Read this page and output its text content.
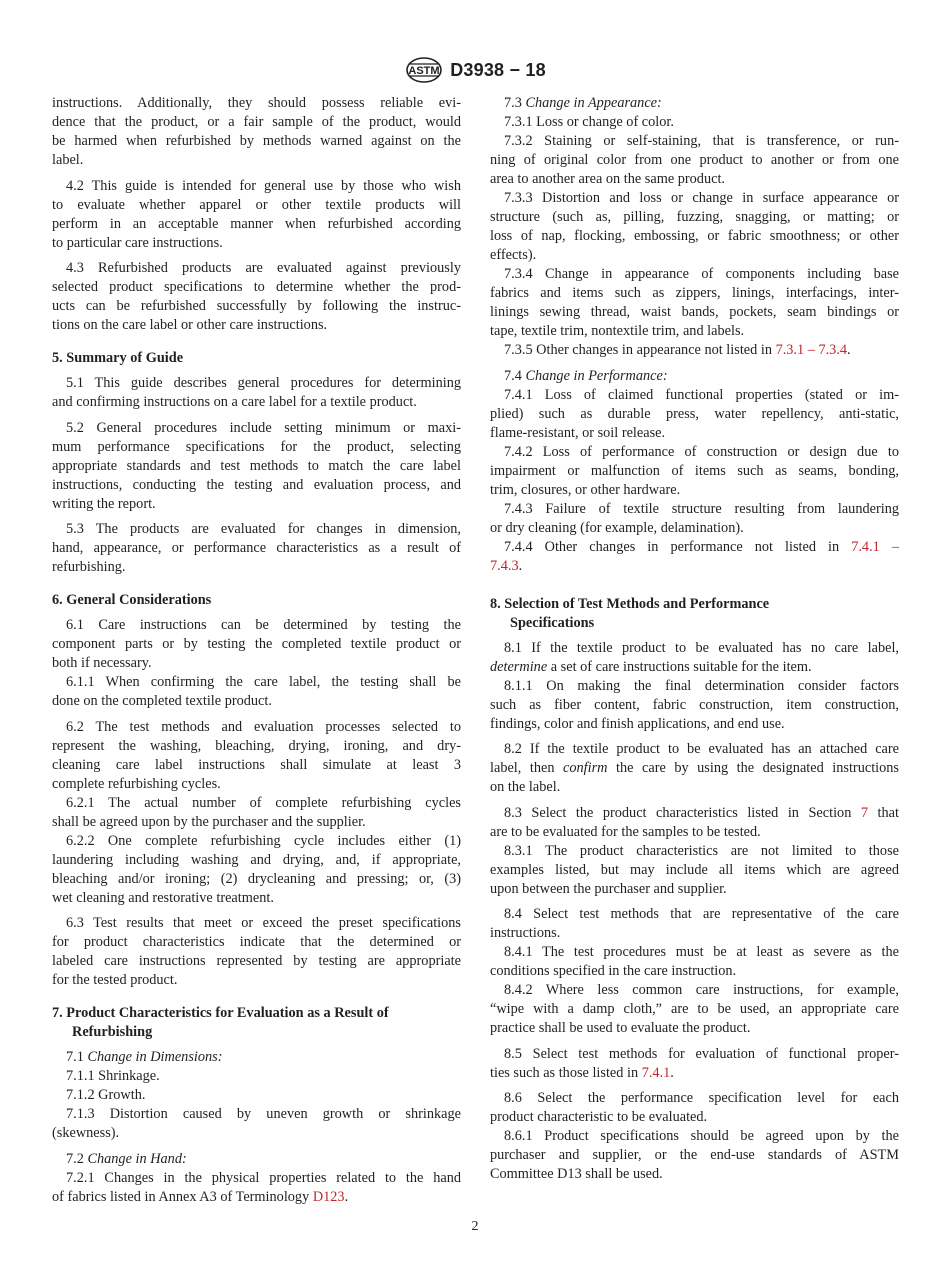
ASTM D3938 − 18
instructions. Additionally, they should possess reliable evi-
dence that the product, or a fair sample of the product, would
be harmed when refurbished by methods warned against on the
label.
4.2 This guide is intended for general use by those who wish
to evaluate whether apparel or other textile products will
perform in an acceptable manner when refurbished according
to particular care instructions.
4.3 Refurbished products are evaluated against previously
selected product specifications to determine whether the prod-
ucts can be refurbished successfully by following the instruc-
tions on the care label or other care instructions.
5. Summary of Guide
5.1 This guide describes general procedures for determining
and confirming instructions on a care label for a textile product.
5.2 General procedures include setting minimum or maxi-
mum performance specifications for the product, selecting
appropriate standards and test methods to match the care label
instructions, conducting the testing and evaluation process, and
writing the report.
5.3 The products are evaluated for changes in dimension,
hand, appearance, or performance characteristics as a result of
refurbishing.
6. General Considerations
6.1 Care instructions can be determined by testing the
component parts or by testing the completed textile product or
both if necessary.
6.1.1 When confirming the care label, the testing shall be
done on the completed textile product.
6.2 The test methods and evaluation processes selected to
represent the washing, bleaching, drying, ironing, and dry-
cleaning care label instructions shall simulate at least 3
complete refurbishing cycles.
6.2.1 The actual number of complete refurbishing cycles
shall be agreed upon by the purchaser and the supplier.
6.2.2 One complete refurbishing cycle includes either (1)
laundering including washing and drying, and, if appropriate,
bleaching and/or ironing; (2) drycleaning and pressing; or, (3)
wet cleaning and restorative treatment.
6.3 Test results that meet or exceed the preset specifications
for product characteristics indicate that the determined or
labeled care instructions represented by testing are appropriate
for the tested product.
7. Product Characteristics for Evaluation as a Result of
Refurbishing
7.1 Change in Dimensions:
7.1.1 Shrinkage.
7.1.2 Growth.
7.1.3 Distortion caused by uneven growth or shrinkage
(skewness).
7.2 Change in Hand:
7.2.1 Changes in the physical properties related to the hand
of fabrics listed in Annex A3 of Terminology D123.
7.3 Change in Appearance:
7.3.1 Loss or change of color.
7.3.2 Staining or self-staining, that is transference, or run-
ning of original color from one product to another or from one
area to another area on the same product.
7.3.3 Distortion and loss or change in surface appearance or
structure (such as, pilling, fuzzing, snagging, or matting; or
loss of nap, flocking, embossing, or fabric smoothness; or other
effects).
7.3.4 Change in appearance of components including base
fabrics and items such as zippers, linings, interfacings, inter-
linings sewing thread, waist bands, pockets, seam bindings or
tape, textile trim, nontextile trim, and labels.
7.3.5 Other changes in appearance not listed in 7.3.1 – 7.3.4.
7.4 Change in Performance:
7.4.1 Loss of claimed functional properties (stated or im-
plied) such as durable press, water repellency, anti-static,
flame-resistant, or soil release.
7.4.2 Loss of performance of construction or design due to
impairment or malfunction of items such as seams, bonding,
trim, closures, or other hardware.
7.4.3 Failure of textile structure resulting from laundering
or dry cleaning (for example, delamination).
7.4.4 Other changes in performance not listed in 7.4.1 –
7.4.3.
8. Selection of Test Methods and Performance
Specifications
8.1 If the textile product to be evaluated has no care label,
determine a set of care instructions suitable for the item.
8.1.1 On making the final determination consider factors
such as fiber content, fabric construction, item construction,
findings, color and finish applications, and end use.
8.2 If the textile product to be evaluated has an attached care
label, then confirm the care by using the designated instructions
on the label.
8.3 Select the product characteristics listed in Section 7 that
are to be evaluated for the samples to be tested.
8.3.1 The product characteristics are not limited to those
examples listed, but may include all items which are agreed
upon between the purchaser and supplier.
8.4 Select test methods that are representative of the care
instructions.
8.4.1 The test procedures must be at least as severe as the
conditions specified in the care instruction.
8.4.2 Where less common care instructions, for example,
“wipe with a damp cloth,” are to be used, an appropriate care
practice shall be used to evaluate the product.
8.5 Select test methods for evaluation of functional proper-
ties such as those listed in 7.4.1.
8.6 Select the performance specification level for each
product characteristic to be evaluated.
8.6.1 Product specifications should be agreed upon by the
purchaser and supplier, or the end-use standards of ASTM
Committee D13 shall be used.
2
